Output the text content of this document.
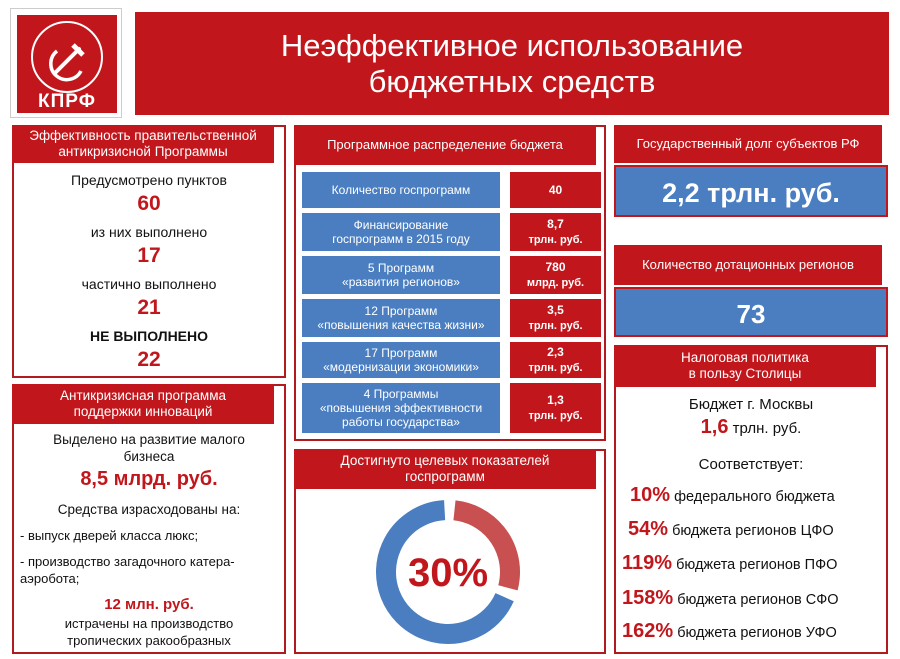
КПРФ
Неэффективное использование
бюджетных средств
Эффективность правительственной
антикризисной Программы
Предусмотрено пунктов
60
из них выполнено
17
частично выполнено
21
НЕ ВЫПОЛНЕНО
22
Антикризисная программа
поддержки инноваций
Выделено на развитие малого
бизнеса
8,5 млрд. руб.
Средства израсходованы на:
- выпуск дверей класса люкс;
- производство загадочного катера-
аэробота;
12 млн. руб.
истрачены на производство
тропических ракообразных
Программное распределение бюджета
Количество госпрограмм	40
Финансирование
госпрограмм в 2015 году
8,7
трлн. руб.
5 Программ
«развития регионов»
780
млрд. руб.
12 Программ
«повышения качества жизни»
3,5
трлн. руб.
17 Программ
«модернизации экономики»
2,3
трлн. руб.
4 Программы
«повышения эффективности
работы государства»
1,3
трлн. руб.
Достигнуто целевых показателей
госпрограмм
30%
Государственный долг субъектов РФ
2,2 трлн. руб.
Количество дотационных регионов
73
Налоговая политика
в пользу Столицы
Бюджет г. Москвы
1,6 трлн. руб.
Соответствует:
10% федерального бюджета
54% бюджета регионов ЦФО
119% бюджета регионов ПФО
158% бюджета регионов СФО
162% бюджета регионов УФО
